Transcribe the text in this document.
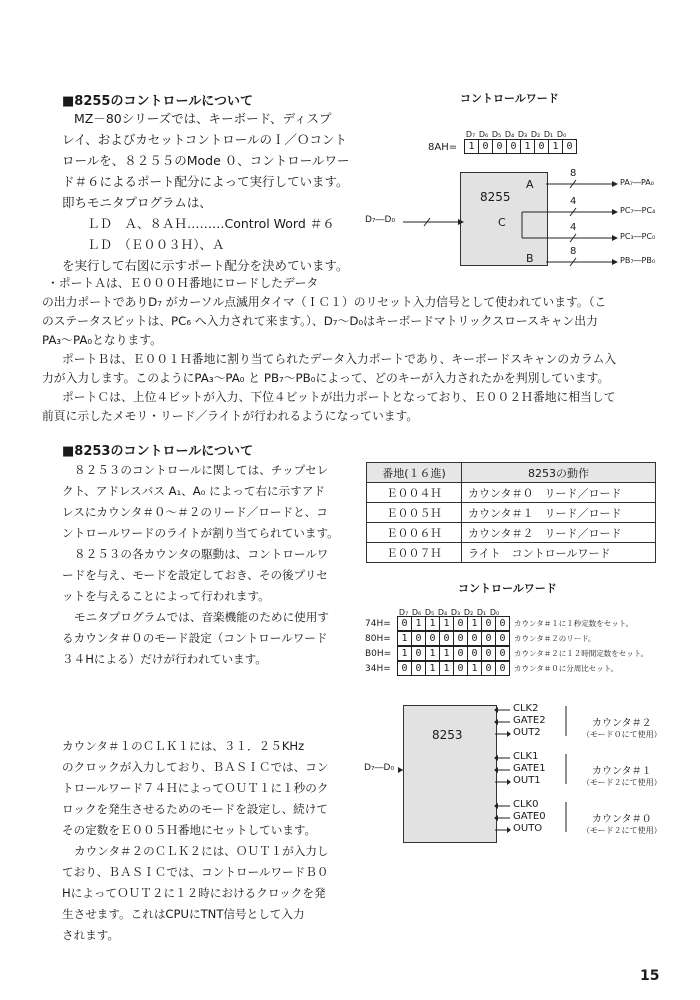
■8255のコントロールについて
MZ－80シリーズでは、キーボード、ディスプ
レイ、およびカセットコントロールのＩ／Ｏコント
ロールを、８２５５のMode ０、コントロールワー
ド＃６によるポート配分によって実行しています。
即ちモニタプログラムは、
ＬＤ　Ａ、８ＡＨ………Control Word ＃６
ＬＤ　（Ｅ００３Ｈ）、Ａ
を実行して右図に示すポート配分を決めています。
・ポートＡは、Ｅ０００Ｈ番地にロードしたデータ
の出力ポートでありD₇ がカーソル点滅用タイマ（ＩＣ１）のリセット入力信号として使われています。（こ
のステータスビットは、PC₆ へ入力されて来ます。）、D₇～D₀はキーボードマトリックスロースキャン出力
PA₃～PA₀となります。
ポートＢは、Ｅ００１Ｈ番地に割り当てられたデータ入力ポートであり、キーボードスキャンのカラム入
力が入力します。このようにPA₃～PA₀ と PB₇～PB₀によって、どのキーが入力されたかを判別しています。
ポートＣは、上位４ビットが入力、下位４ビットが出力ポートとなっており、Ｅ００２Ｈ番地に相当して
前頁に示したメモリ・リード／ライトが行われるようになっています。
コントロールワード
D₇ D₆ D₅ D₄ D₃ D₂ D₁ D₀
8AH=	1 0 0 0 1 0 1 0
8255
A
C
B
D₇―D₀
8
4
4
8
PA₇―PA₀
PC₇―PC₄
PC₃―PC₀
PB₇―PB₀
■8253のコントロールについて
８２５３のコントロールに関しては、チップセレ
クト、アドレスバス A₁、A₀ によって右に示すアド
レスにカウンタ＃０～＃２のリード／ロードと、コ
ントロールワードのライトが割り当てられています。
８２５３の各カウンタの駆動は、コントロールワ
ードを与え、モードを設定しておき、その後プリセ
ットを与えることによって行われます。
モニタプログラムでは、音楽機能のために使用す
るカウンタ＃０のモード設定（コントロールワード
３４Hによる）だけが行われています。
番地(１６進)	8253の動作
Ｅ００４Ｈ	カウンタ＃０　リード／ロード
Ｅ００５Ｈ	カウンタ＃１　リード／ロード
Ｅ００６Ｈ	カウンタ＃２　リード／ロード
Ｅ００７Ｈ	ライト　コントロールワード
コントロールワード
D₇ D₆ D₅ D₄ D₃ D₂ D₁ D₀
74H=	0 1 1 1 0 1 0 0	カウンタ＃１に１秒定数をセット。
80H=	1 0 0 0 0 0 0 0	カウンタ＃２のリード。
B0H=	1 0 1 1 0 0 0 0	カウンタ＃２に１２時間定数をセット。
34H=	0 0 1 1 0 1 0 0	カウンタ＃０に分周比セット。
カウンタ＃１のＣＬＫ１には、３１．２５KHz
のクロックが入力しており、ＢＡＳＩＣでは、コン
トロールワード７４ＨによってＯＵＴ１に１秒のク
ロックを発生させるためのモードを設定し、続けて
その定数をＥ００５Ｈ番地にセットしています。
カウンタ＃２のＣＬＫ２には、ＯＵＴ１が入力し
ており、ＢＡＳＩＣでは、コントロールワードＢ０
HによってＯＵＴ２に１２時におけるクロックを発
生させます。これはCPUにTNT信号として入力
されます。
8253
D₇―D₀
CLK2
GATE2
OUT2
CLK1
GATE1
OUT1
CLK0
GATE0
OUTO
カウンタ＃２
（モード０にて使用）
カウンタ＃１
（モード２にて使用）
カウンタ＃０
（モード２にて使用）
15
